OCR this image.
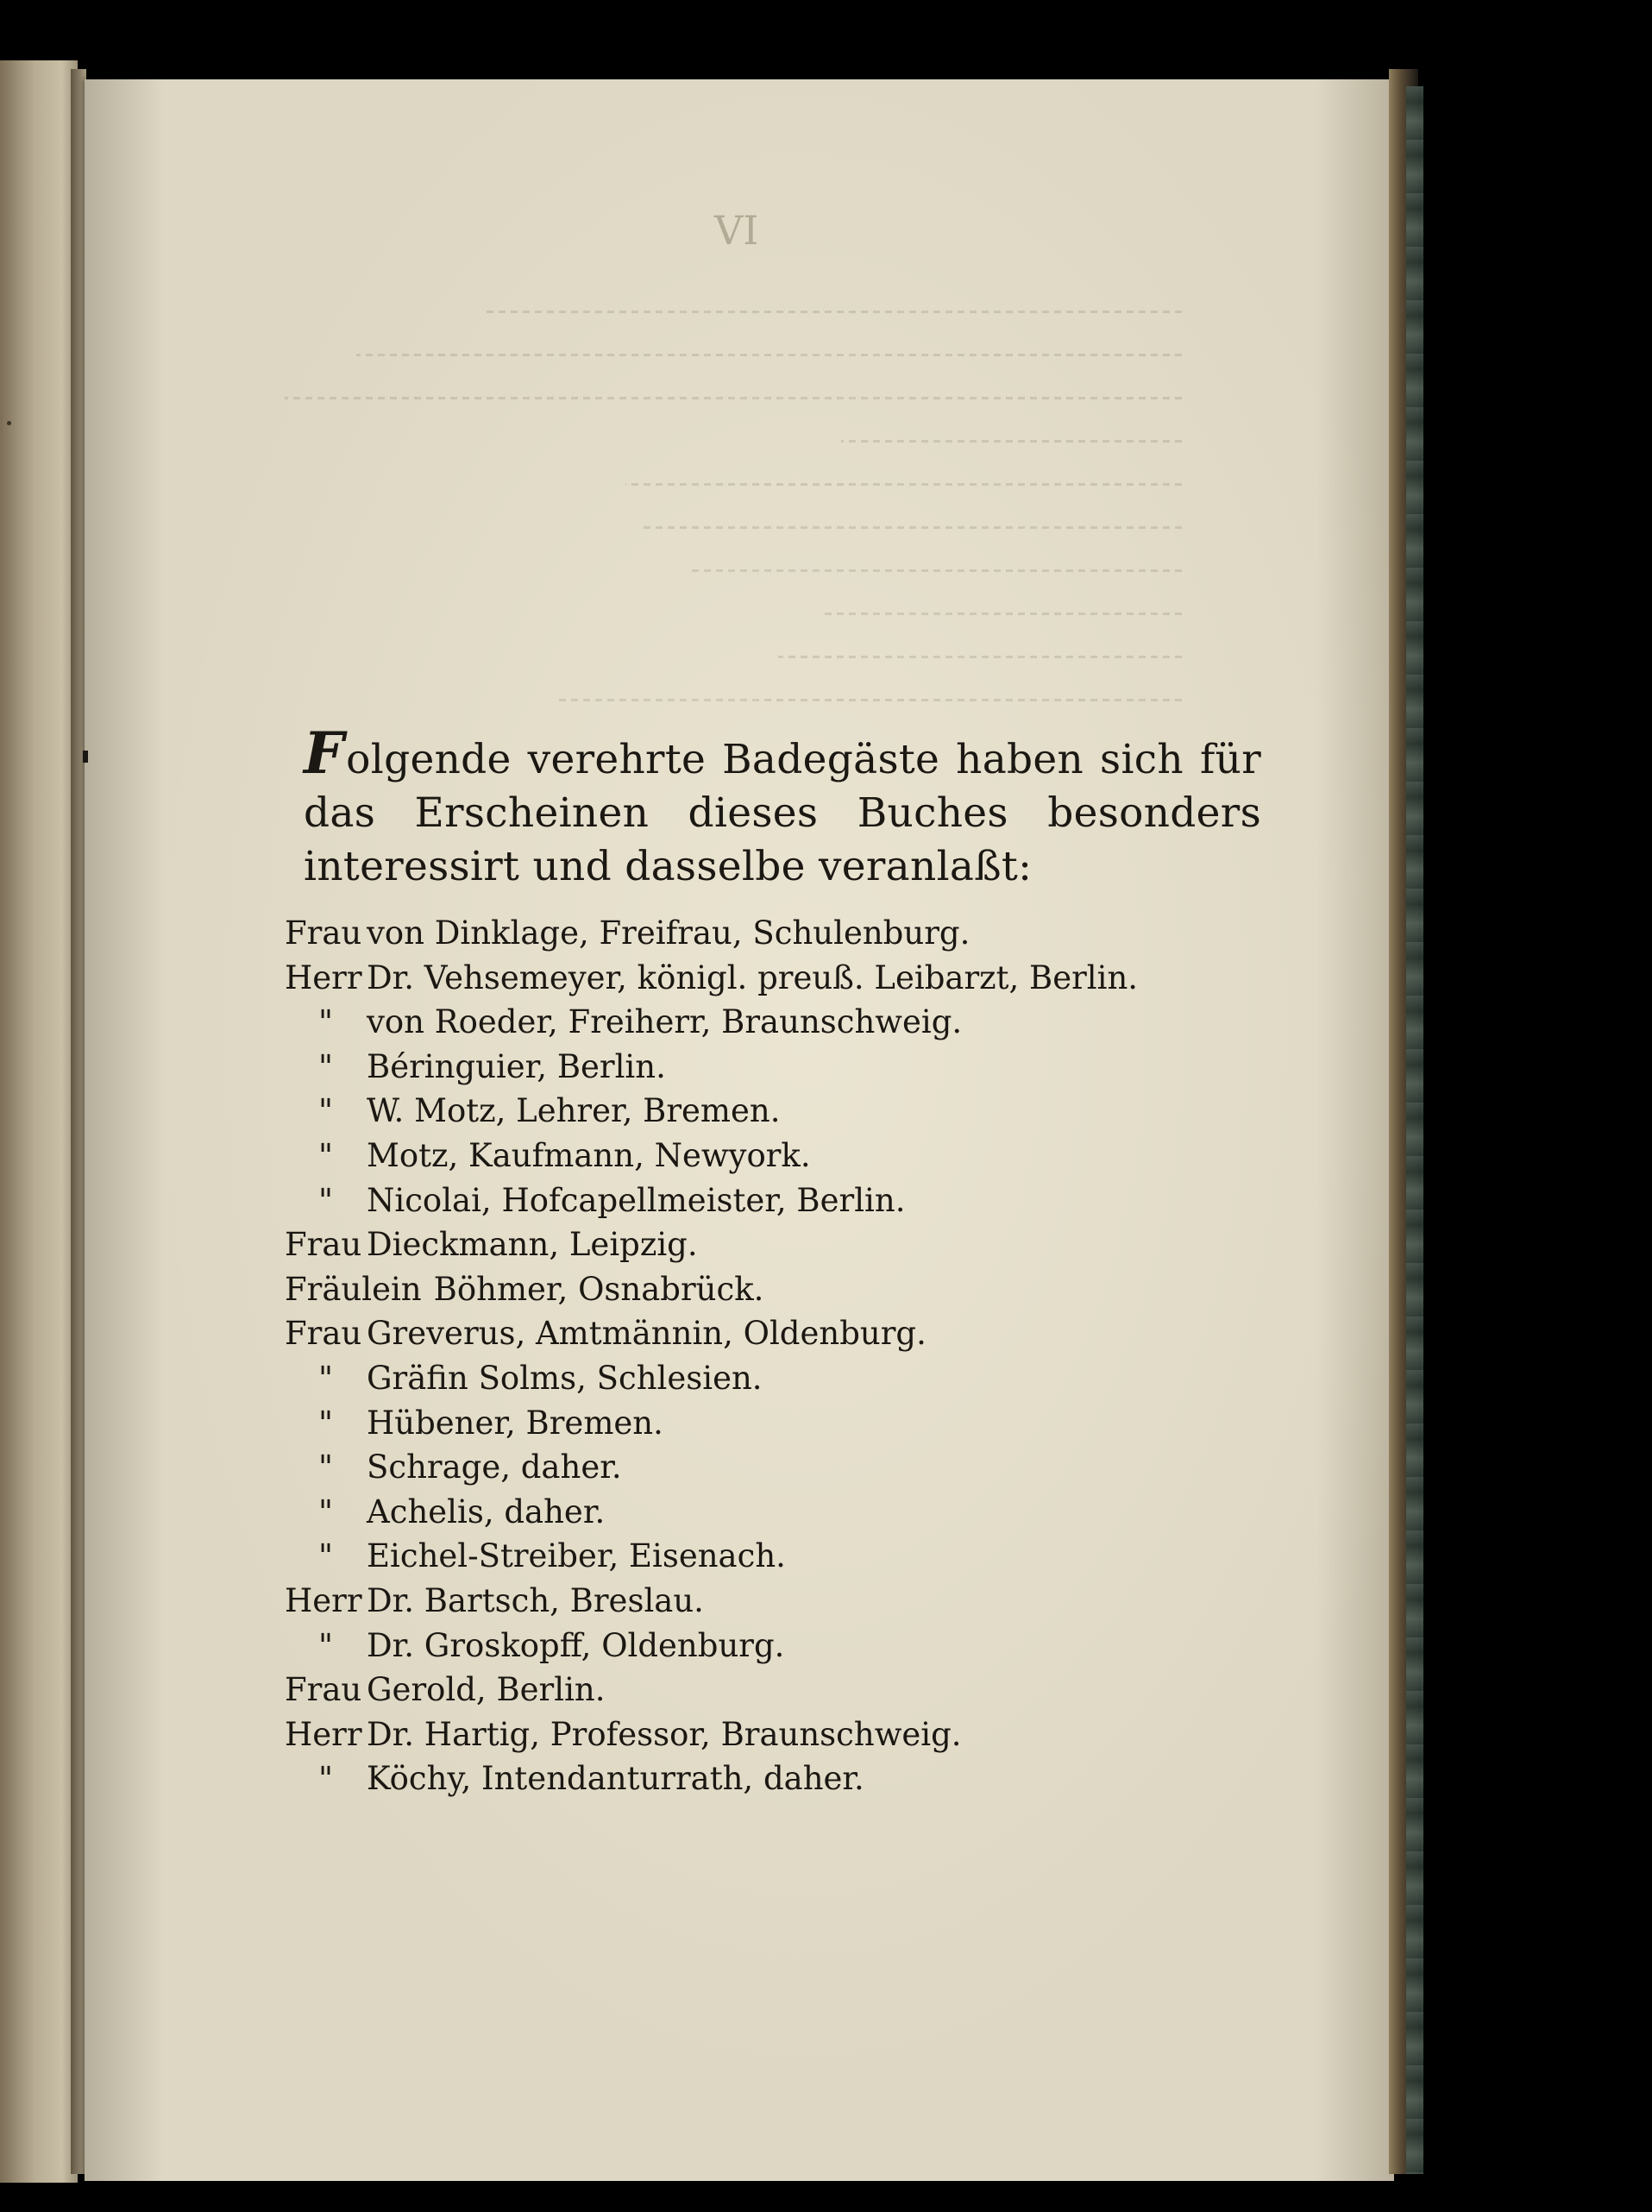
VI
Folgende verehrte Badegäste haben sich für das Erscheinen dieses Buches besonders interessirt und dasselbe veranlaßt:
Frau von Dinklage, Freifrau, Schulenburg.
Herr Dr. Vehsemeyer, königl. preuß. Leibarzt, Berlin.
" von Roeder, Freiherr, Braunschweig.
" Béringuier, Berlin.
" W. Motz, Lehrer, Bremen.
" Motz, Kaufmann, Newyork.
" Nicolai, Hofcapellmeister, Berlin.
Frau Dieckmann, Leipzig.
Fräulein Böhmer, Osnabrück.
Frau Greverus, Amtmännin, Oldenburg.
" Gräfin Solms, Schlesien.
" Hübener, Bremen.
" Schrage, daher.
" Achelis, daher.
" Eichel-Streiber, Eisenach.
Herr Dr. Bartsch, Breslau.
" Dr. Groskopff, Oldenburg.
Frau Gerold, Berlin.
Herr Dr. Hartig, Professor, Braunschweig.
" Köchy, Intendanturrath, daher.
